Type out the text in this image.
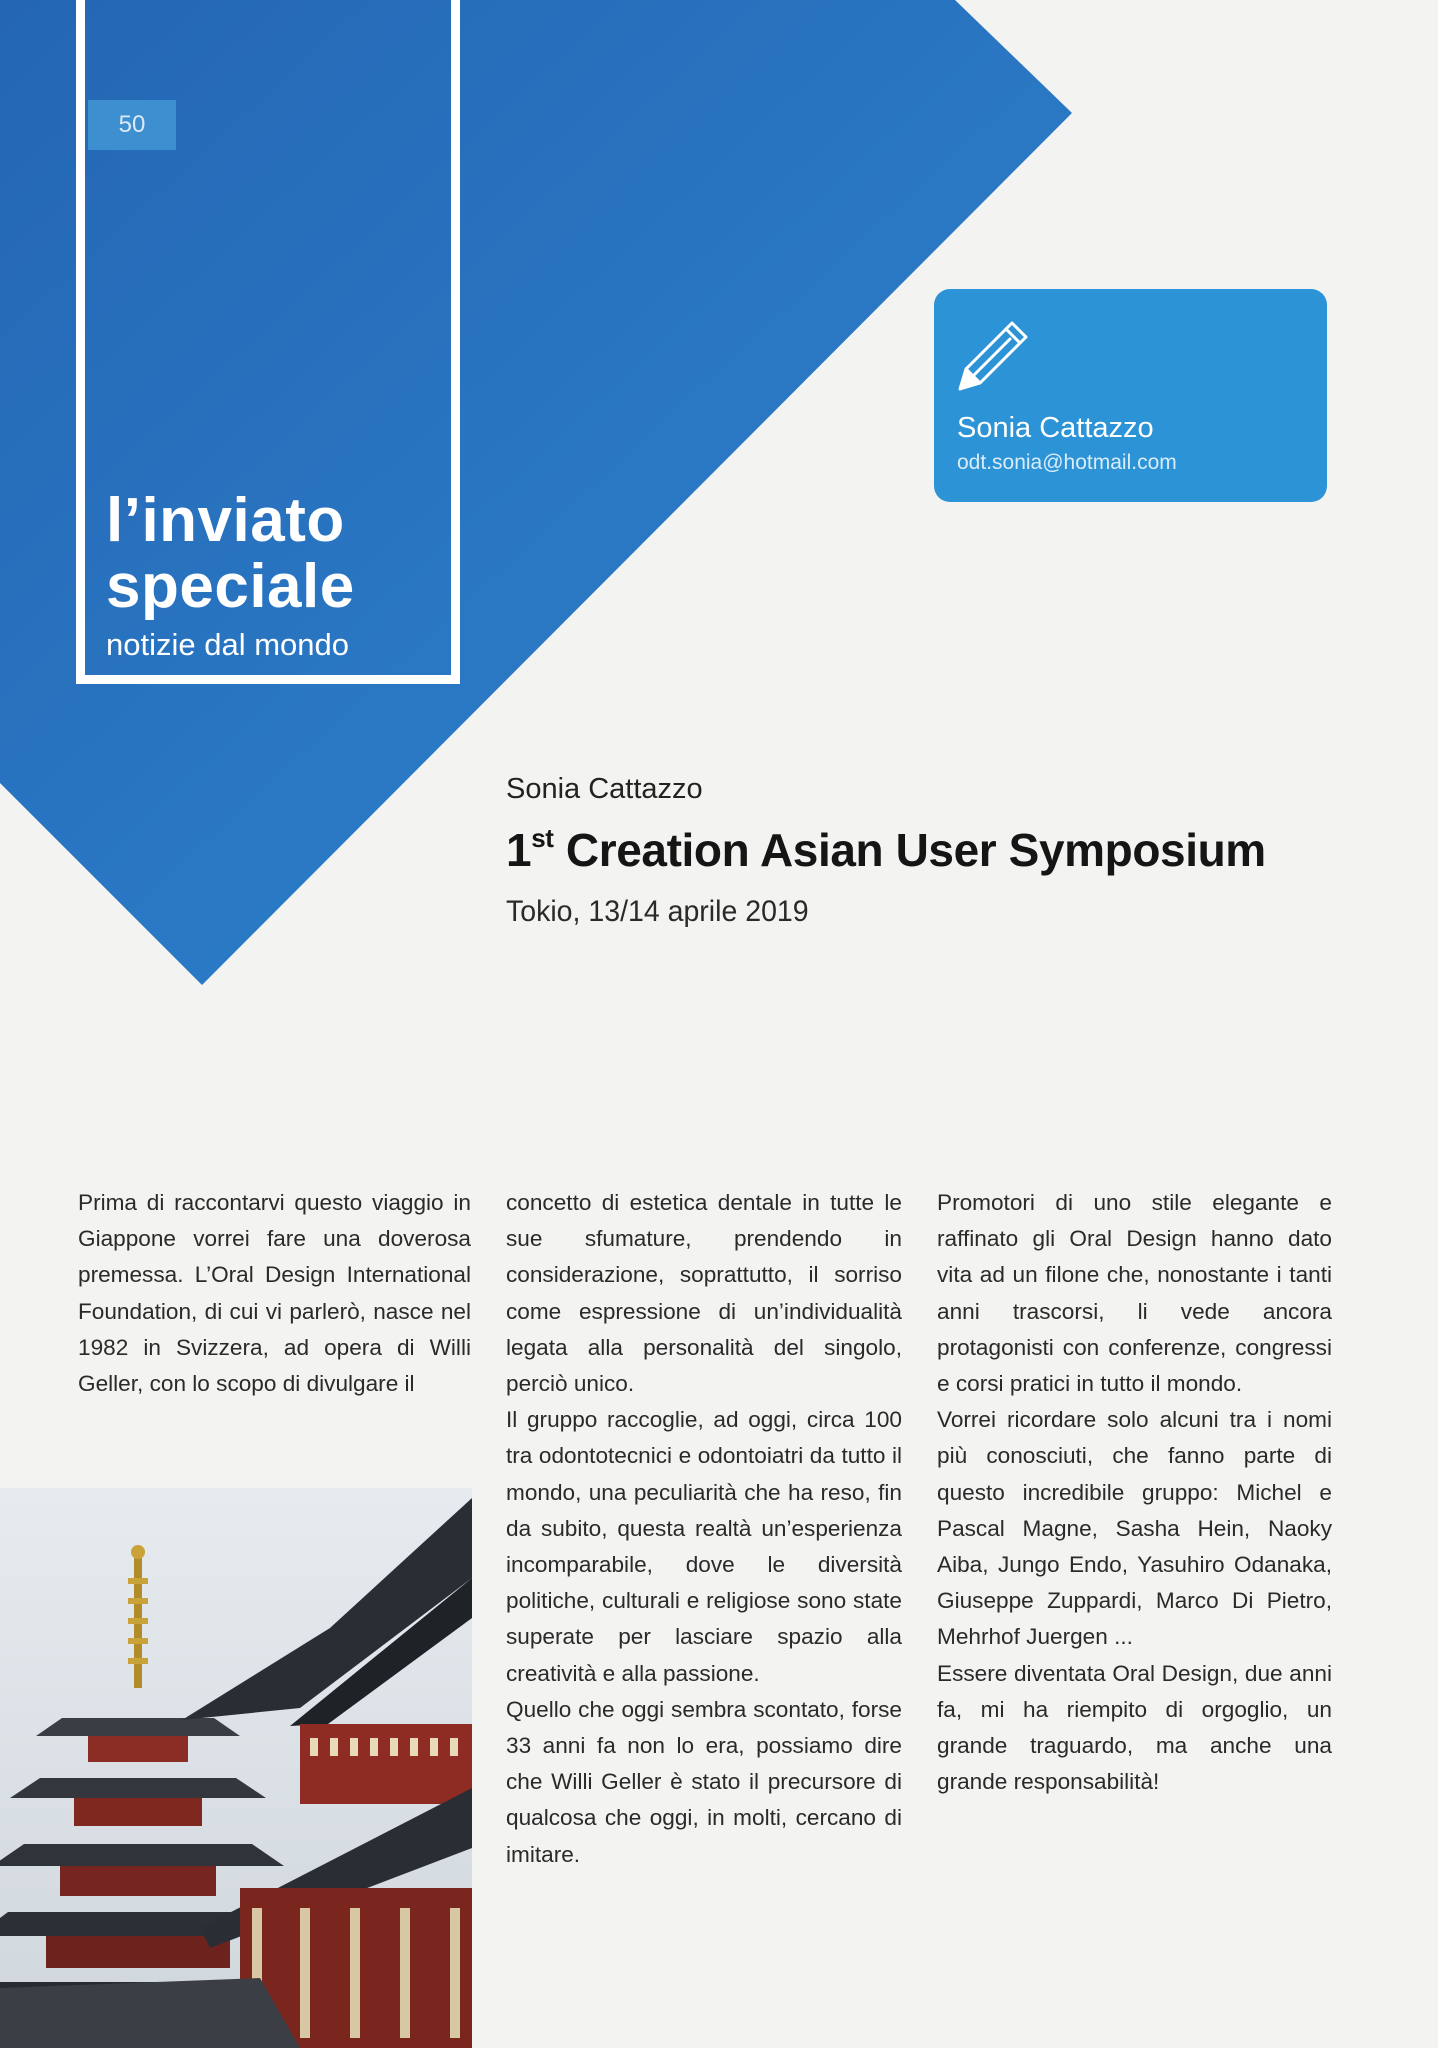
50
l’inviato
speciale
notizie dal mondo
Sonia Cattazzo
odt.sonia@hotmail.com
Sonia Cattazzo
1st Creation Asian User Symposium
Tokio, 13/14 aprile 2019

Prima di raccontarvi questo viaggio in Giappone vorrei fare una doverosa premessa. L’Oral Design International Foundation, di cui vi parlerò, nasce nel 1982 in Svizzera, ad opera di Willi Geller, con lo scopo di divulgare il

concetto di estetica dentale in tutte le sue sfumature, prendendo in considerazione, soprattutto, il sorriso come espressione di un’individualità legata alla personalità del singolo, perciò unico.

Il gruppo raccoglie, ad oggi, circa 100 tra odontotecnici e odontoiatri da tutto il mondo, una peculiarità che ha reso, fin da subito, questa realtà un’esperienza incomparabile, dove le diversità politiche, culturali e religiose sono state superate per lasciare spazio alla creatività e alla passione.

Quello che oggi sembra scontato, forse 33 anni fa non lo era, possiamo dire che Willi Geller è stato il precursore di qualcosa che oggi, in molti, cercano di imitare.

Promotori di uno stile elegante e raffinato gli Oral Design hanno dato vita ad un filone che, nonostante i tanti anni trascorsi, li vede ancora protagonisti con conferenze, congressi e corsi pratici in tutto il mondo.

Vorrei ricordare solo alcuni tra i nomi più conosciuti, che fanno parte di questo incredibile gruppo: Michel e Pascal Magne, Sasha Hein, Naoky Aiba, Jungo Endo, Yasuhiro Odanaka, Giuseppe Zuppardi, Marco Di Pietro, Mehrhof Juergen ...

Essere diventata Oral Design, due anni fa, mi ha riempito di orgoglio, un grande traguardo, ma anche una grande responsabilità!
